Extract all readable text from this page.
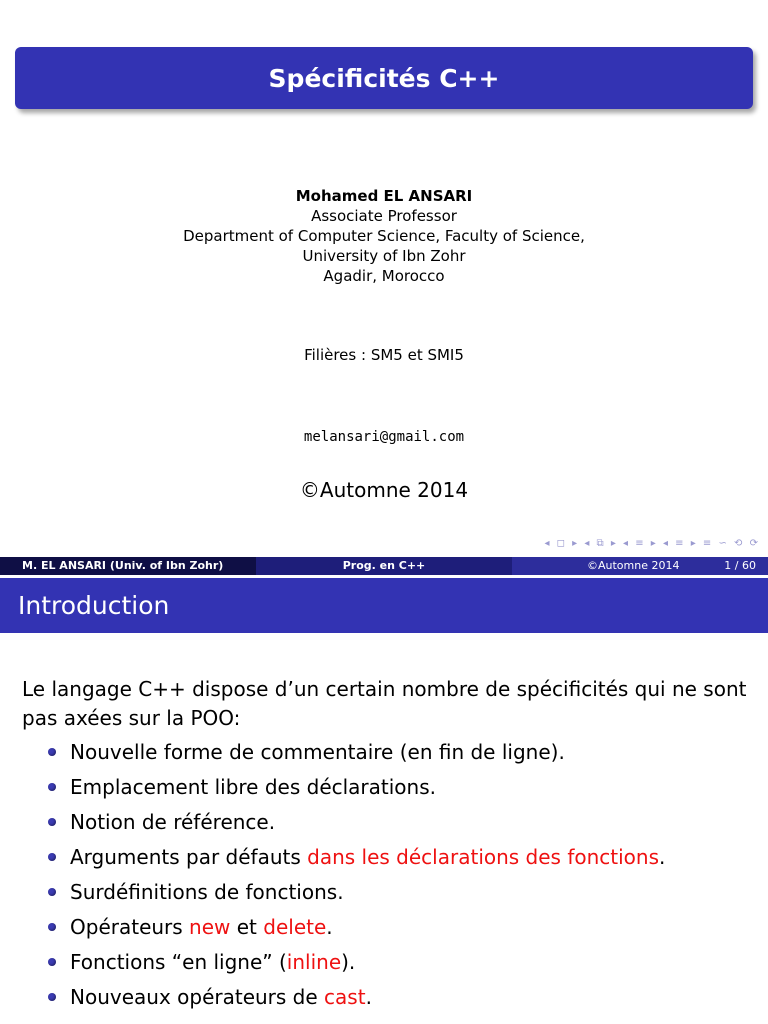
Spécificités C++
Mohamed EL ANSARI
Associate Professor
Department of Computer Science, Faculty of Science,
University of Ibn Zohr
Agadir, Morocco
Filières : SM5 et SMI5
melansari@gmail.com
©Automne 2014
◂ ◻ ▸ ◂ ⧉ ▸ ◂ ≡ ▸ ◂ ≡ ▸ ≡ ∽ ⟲ ⟳
M. EL ANSARI (Univ. of Ibn Zohr)	Prog. en C++	©Automne 2014	1 / 60
Introduction
Le langage C++ dispose d’un certain nombre de spécificités qui ne sont pas axées sur la POO:
Nouvelle forme de commentaire (en fin de ligne).
Emplacement libre des déclarations.
Notion de référence.
Arguments par défauts dans les déclarations des fonctions.
Surdéfinitions de fonctions.
Opérateurs new et delete.
Fonctions “en ligne” (inline).
Nouveaux opérateurs de cast.
